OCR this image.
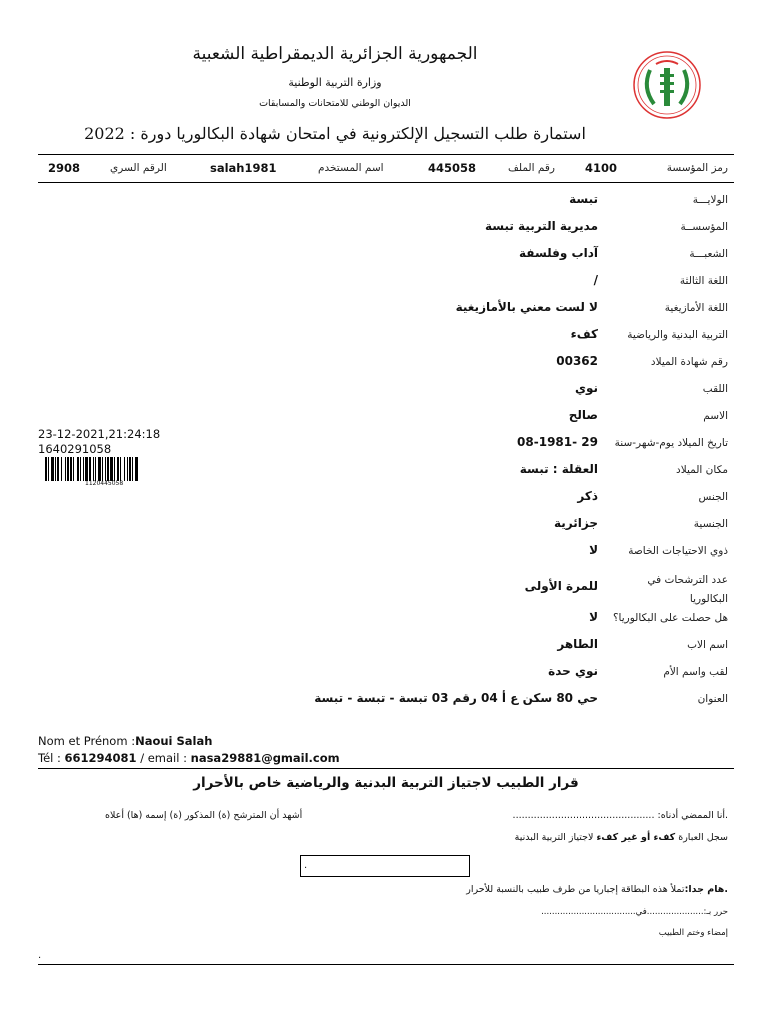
الجمهورية الجزائرية الديمقراطية الشعبية
وزارة التربية الوطنية
الديوان الوطني للامتحانات والمسابقات
استمارة طلب التسجيل الإلكترونية في امتحان شهادة البكالوريا دورة : 2022
رمز المؤسسة
4100
رقم الملف
445058
اسم المستخدم
salah1981
الرقم السري
2908
الولايـــة
تبسة
المؤسســة
مديرية التربية تبسة
الشعبـــة
آداب وفلسفة
اللغة الثالثة
/
اللغة الأمازيغية
لا لست معني بالأمازيغية
التربية البدنية والرياضية
كفء
رقم شهادة الميلاد
00362
اللقب
نوي
الاسم
صالح
تاريخ الميلاد يوم-شهر-سنة
29 -08-1981
مكان الميلاد
العقلة : تبسة
الجنس
ذكر
الجنسية
جزائرية
ذوي الاحتياجات الخاصة
لا
عدد الترشحات في البكالوريا
للمرة الأولى
هل حصلت على البكالوريا؟
لا
اسم الاب
الطاهر
لقب واسم الأم
نوي حدة
العنوان
حي 80 سكن ع أ 04 رقم 03 تبسة - تبسة - تبسة
23-12-2021,21:24:18
1640291058
1120445058
Nom et Prénom :Naoui Salah
Tél : 661294081 / email : nasa29881@gmail.com
قرار الطبيب لاجتياز التربية البدنية والرياضية خاص بالأحرار
.أنا الممضي أدناه: ...............................................
أشهد أن المترشح (ة) المذكور (ة) إسمه (ها) أعلاه
سجل العبارة كفء أو غير كفء لاجتياز التربية البدنية
.
.هام جدا:تملأ هذه البطاقة إجباريا من طرف طبيب بالنسبة للأحرار
حرر بـ:.....................في...................................
إمضاء وختم الطبيب
.
